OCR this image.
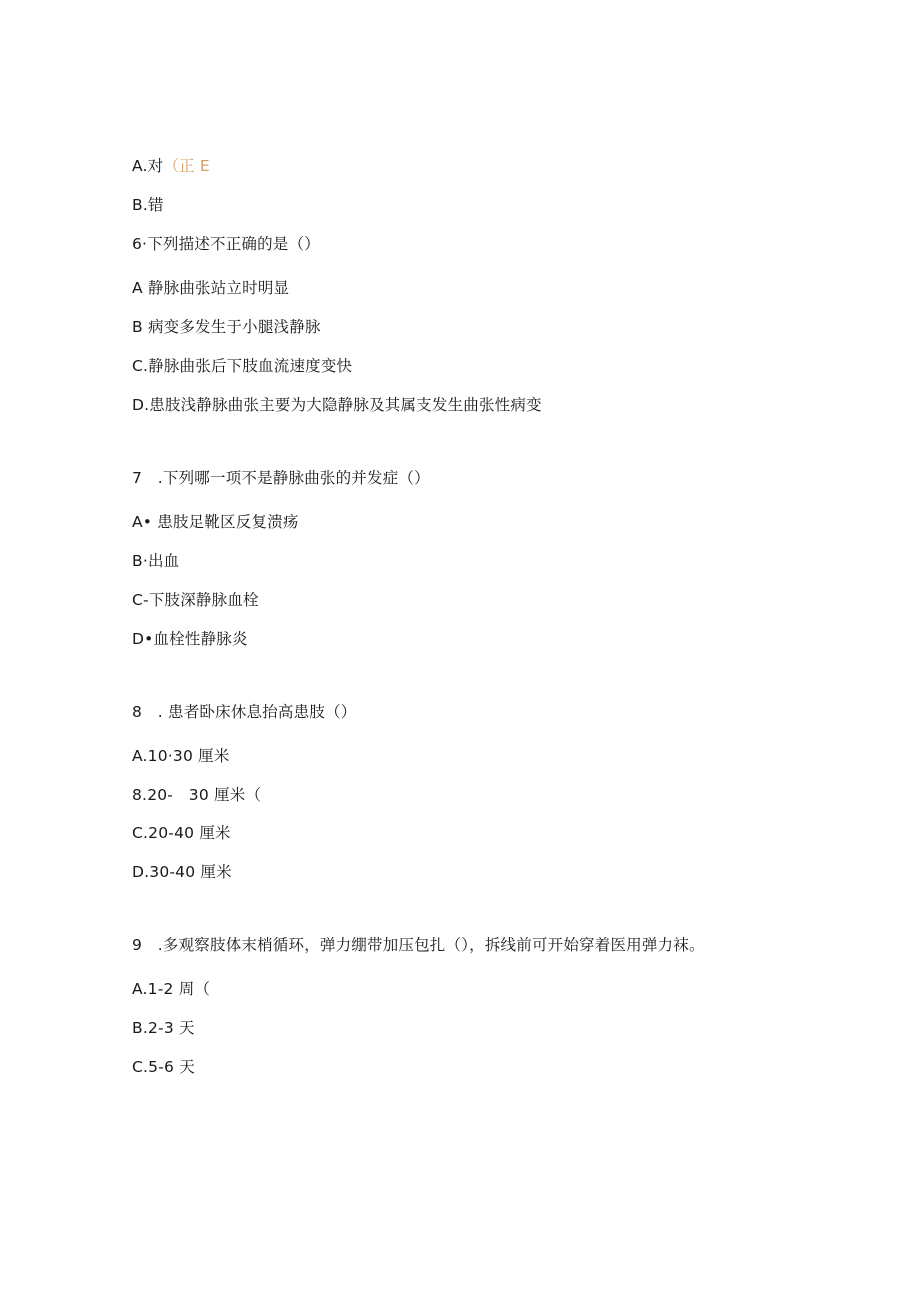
A.对（正 E
B.错
6·下列描述不正确的是（）
A 静脉曲张站立时明显
B 病变多发生于小腿浅静脉
C.静脉曲张后下肢血流速度变快
D.患肢浅静脉曲张主要为大隐静脉及其属支发生曲张性病变
7　.下列哪一项不是静脉曲张的并发症（）
A• 患肢足靴区反复溃疡
B·出血
C-下肢深静脉血栓
D•血栓性静脉炎
8　. 患者卧床休息抬高患肢（）
A.10·30 厘米
8.20-　30 厘米（
C.20-40 厘米
D.30-40 厘米
9　.多观察肢体末梢循环，弹力绷带加压包扎（），拆线前可开始穿着医用弹力袜。
A.1-2 周（
B.2-3 天
C.5-6 天
